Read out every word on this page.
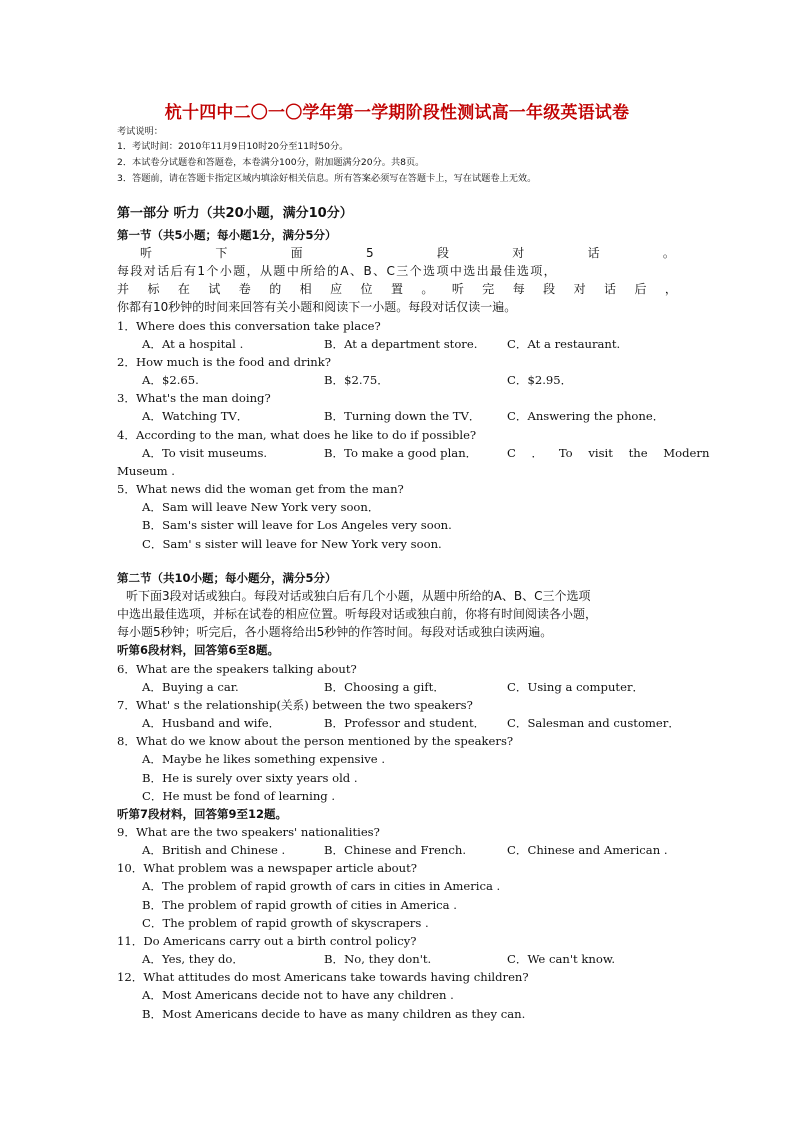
杭十四中二〇一〇学年第一学期阶段性测试高一年级英语试卷
考试说明：
1．考试时间：2010年11月9日10时20分至11时50分。
2．本试卷分试题卷和答题卷，本卷满分100分，附加题满分20分。共8页。
3．答题前，请在答题卡指定区域内填涂好相关信息。所有答案必须写在答题卡上，写在试题卷上无效。
第一部分 听力（共20小题，满分10分）
第一节（共5小题；每小题1分，满分5分）
听	下	面	5	段	对	话	。
每段对话后有1个小题，从题中所给的A、B、C三个选项中选出最佳选项，
并 标 在 试 卷 的 相 应 位 置 。 听 完 每 段 对 话 后 ，
你都有10秒钟的时间来回答有关小题和阅读下一小题。每段对话仅读一遍。
1．Where does this conversation take place?
A．At a hospital .	B．At a department store.	C．At a restaurant.
2．How much is the food and drink?
A．$2.65.	B．$2.75．	C．$2.95．
3．What's the man doing?
A．Watching TV．	B．Turning down the TV． C．Answering the phone．
4．According to the man, what does he like to do if possible?
A．To visit museums.	B．To make a good plan．	C ． To visit the Modern
Museum .
5．What news did the woman get from the man?
A．Sam will leave New York very soon．
B．Sam's sister will leave for Los Angeles very soon.
C．Sam' s sister will leave for New York very soon.
第二节（共10小题；每小题分，满分5分）
听下面3段对话或独白。每段对话或独白后有几个小题，从题中所给的A、B、C三个选项
中选出最佳选项，并标在试卷的相应位置。听每段对话或独白前，你将有时间阅读各小题，
每小题5秒钟；听完后，各小题将给出5秒钟的作答时间。每段对话或独白读两遍。
听第6段材料，回答第6至8题。
6．What are the speakers talking about?
A．Buying a car.	B．Choosing a gift．	C．Using a computer．
7．What' s the relationship(关系) between the two speakers?
A．Husband and wife．	B．Professor and student． C．Salesman and customer．
8．What do we know about the person mentioned by the speakers?
A．Maybe he likes something expensive .
B．He is surely over sixty years old .
C．He must be fond of learning .
听第7段材料，回答第9至12题。
9．What are the two speakers' nationalities?
A．British and Chinese .	B．Chinese and French.	C．Chinese and American .
10．What problem was a newspaper article about?
A．The problem of rapid growth of cars in cities in America .
B．The problem of rapid growth of cities in America .
C．The problem of rapid growth of skyscrapers .
11．Do Americans carry out a birth control policy?
A．Yes, they do．	B．No, they don't.	C．We can't know.
12．What attitudes do most Americans take towards having children?
A．Most Americans decide not to have any children .
B．Most Americans decide to have as many children as they can.
